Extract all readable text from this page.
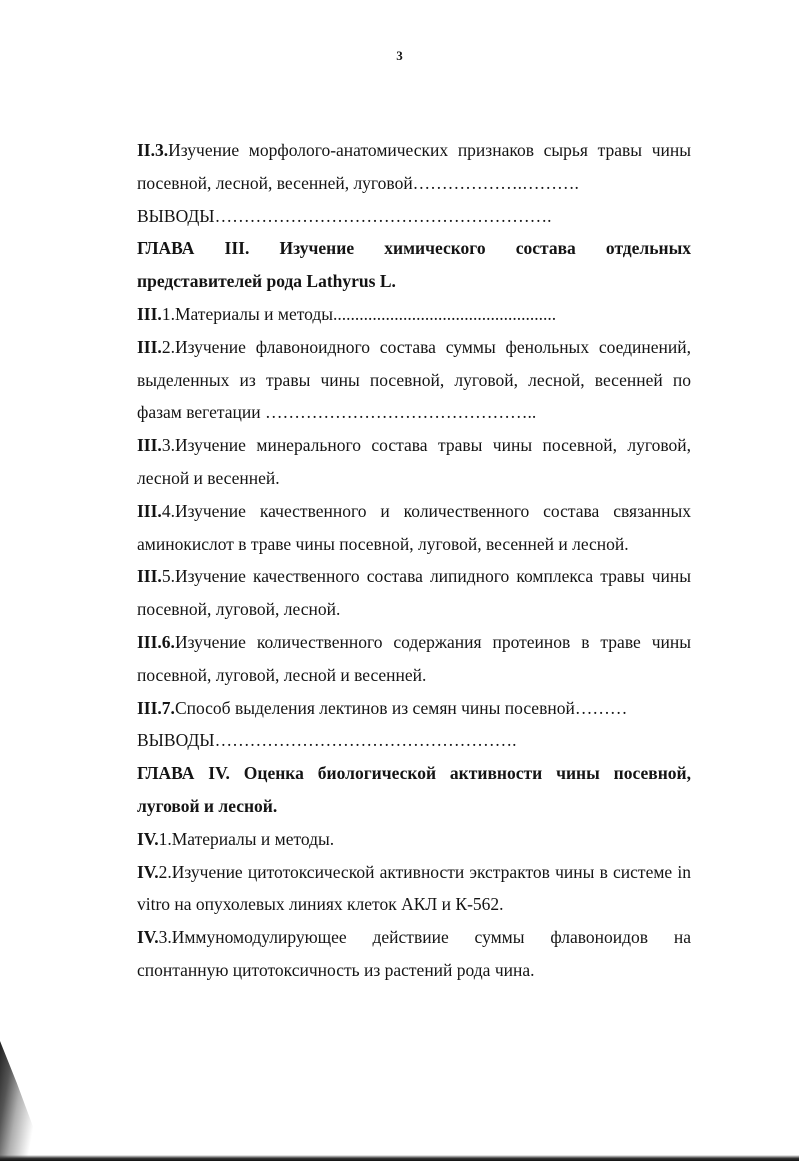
3

II.3.Изучение морфолого-анатомических признаков сырья травы чины посевной, лесной, весенней, луговой……………….……….

ВЫВОДЫ………………………………………………….

ГЛАВА III. Изучение химического состава отдельных представителей рода Lathyrus L.

III.1.Материалы и методы...................................................

III.2.Изучение флавоноидного состава суммы фенольных соединений, выделенных из травы чины посевной, луговой, лесной, весенней по фазам вегетации ………………………………………..

III.3.Изучение минерального состава травы чины посевной, луговой, лесной и весенней.

III.4.Изучение качественного и количественного состава связанных аминокислот в траве чины посевной, луговой, весенней и лесной.

III.5.Изучение качественного состава липидного комплекса травы чины посевной, луговой, лесной.

III.6.Изучение количественного содержания протеинов в траве чины посевной, луговой, лесной и весенней.

III.7.Способ выделения лектинов из семян чины посевной………

ВЫВОДЫ…………………………………………….

ГЛАВА IV. Оценка биологической активности чины посевной, луговой и лесной.

IV.1.Материалы и методы.

IV.2.Изучение цитотоксической активности экстрактов чины в системе in vitro на опухолевых линиях клеток АКЛ и К-562.

IV.3.Иммуномодулирующее действиие суммы флавоноидов на спонтанную цитотоксичность из растений рода чина.
